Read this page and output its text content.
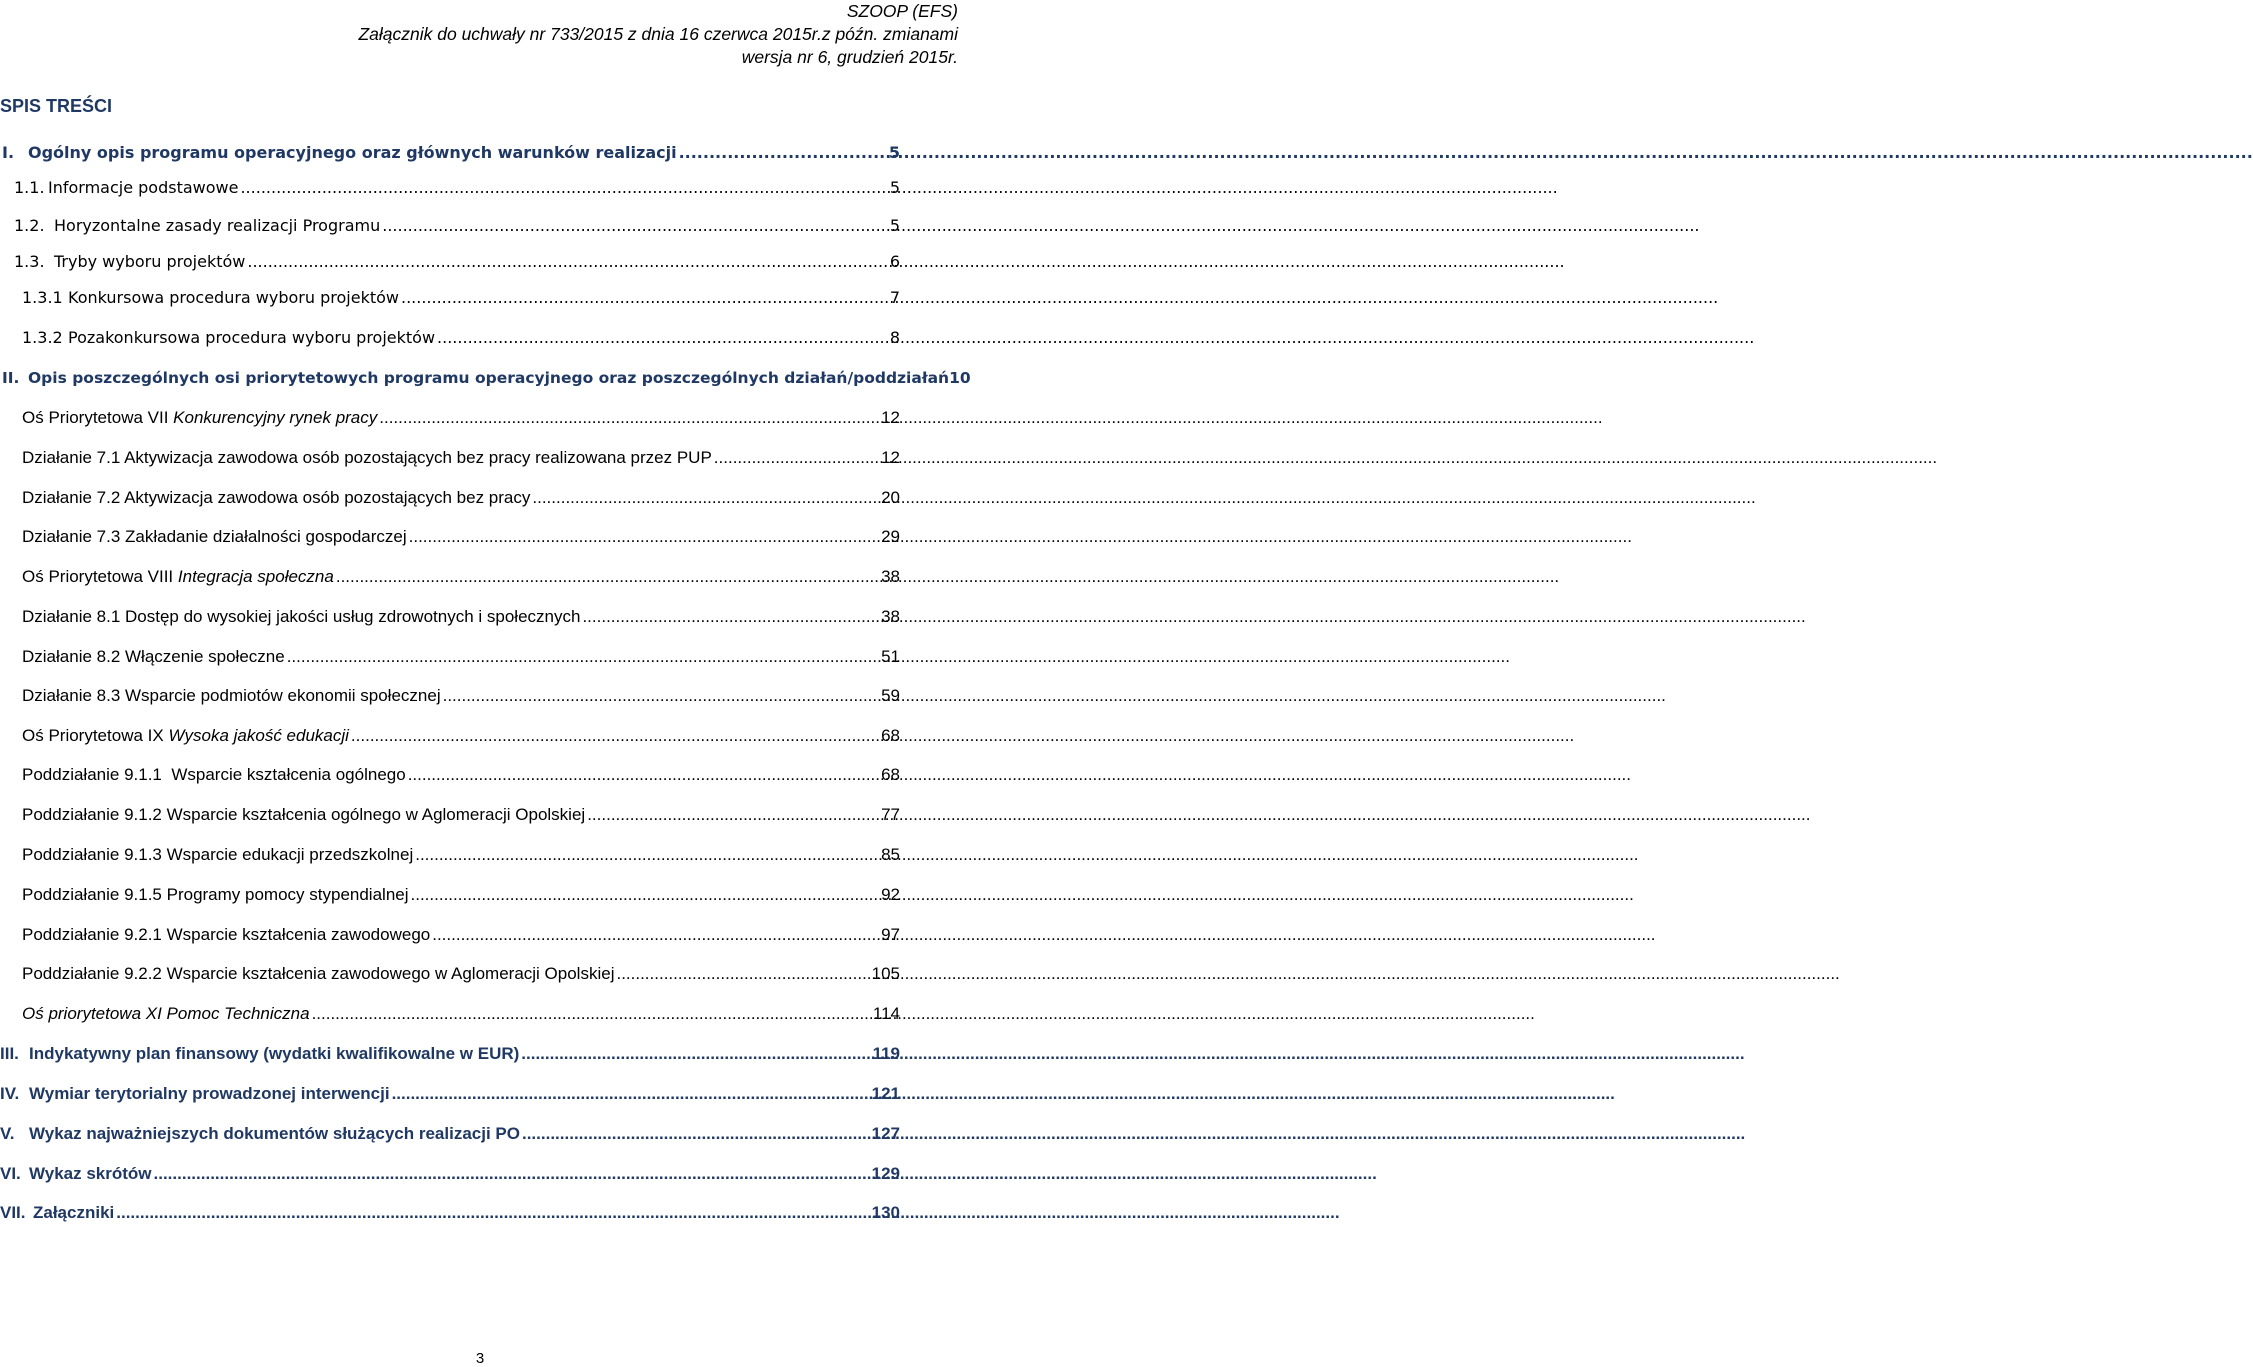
SZOOP (EFS)
Załącznik do uchwały nr 733/2015 z dnia 16 czerwca 2015r.z późn. zmianami
wersja nr 6, grudzień 2015r.
SPIS TREŚCI
I. Ogólny opis programu operacyjnego oraz głównych warunków realizacji .....	5
1.1. Informacje podstawowe .....	5
1.2. Horyzontalne zasady realizacji Programu .....	5
1.3. Tryby wyboru projektów .....	6
1.3.1 Konkursowa procedura wyboru projektów .....	7
1.3.2 Pozakonkursowa procedura wyboru projektów .....	8
II. Opis poszczególnych osi priorytetowych programu operacyjnego oraz poszczególnych działań/poddziałań 10
Oś Priorytetowa VII Konkurencyjny rynek pracy .....	12
Działanie 7.1 Aktywizacja zawodowa osób pozostających bez pracy realizowana przez PUP .....	12
Działanie 7.2 Aktywizacja zawodowa osób pozostających bez pracy .....	20
Działanie 7.3 Zakładanie działalności gospodarczej .....	29
Oś Priorytetowa VIII Integracja społeczna .....	38
Działanie 8.1 Dostęp do wysokiej jakości usług zdrowotnych i społecznych .....	38
Działanie 8.2 Włączenie społeczne .....	51
Działanie 8.3 Wsparcie podmiotów ekonomii społecznej .....	59
Oś Priorytetowa IX Wysoka jakość edukacji .....	68
Poddziałanie 9.1.1  Wsparcie kształcenia ogólnego .....	68
Poddziałanie 9.1.2 Wsparcie kształcenia ogólnego w Aglomeracji Opolskiej .....	77
Poddziałanie 9.1.3 Wsparcie edukacji przedszkolnej .....	85
Poddziałanie 9.1.5 Programy pomocy stypendialnej .....	92
Poddziałanie 9.2.1 Wsparcie kształcenia zawodowego .....	97
Poddziałanie 9.2.2 Wsparcie kształcenia zawodowego w Aglomeracji Opolskiej .....	105
Oś priorytetowa XI Pomoc Techniczna .....	114
III. Indykatywny plan finansowy (wydatki kwalifikowalne w EUR) .....	119
IV. Wymiar terytorialny prowadzonej interwencji .....	121
V. Wykaz najważniejszych dokumentów służących realizacji PO .....	127
VI. Wykaz skrótów .....	129
VII. Załączniki .....	130
3
